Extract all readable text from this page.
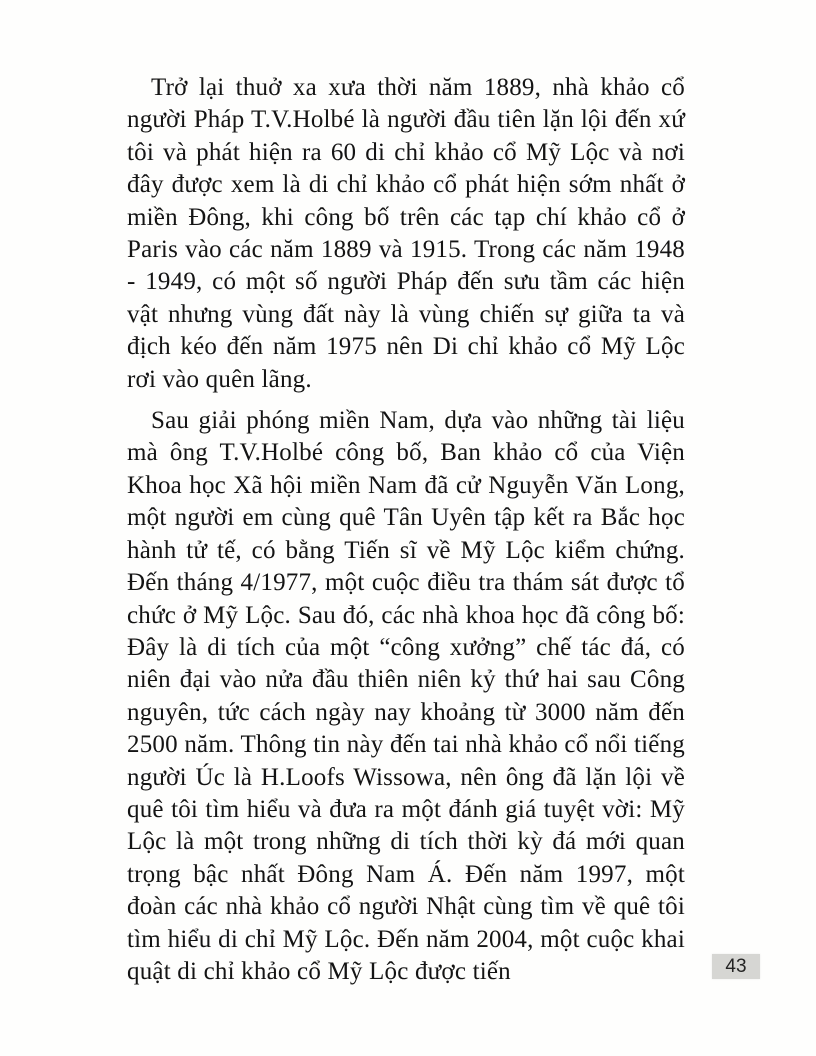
Trở lại thuở xa xưa thời năm 1889, nhà khảo cổ người Pháp T.V.Holbé là người đầu tiên lặn lội đến xứ tôi và phát hiện ra 60 di chỉ khảo cổ Mỹ Lộc và nơi đây được xem là di chỉ khảo cổ phát hiện sớm nhất ở miền Đông, khi công bố trên các tạp chí khảo cổ ở Paris vào các năm 1889 và 1915. Trong các năm 1948 - 1949, có một số người Pháp đến sưu tầm các hiện vật nhưng vùng đất này là vùng chiến sự giữa ta và địch kéo đến năm 1975 nên Di chỉ khảo cổ Mỹ Lộc rơi vào quên lãng.

Sau giải phóng miền Nam, dựa vào những tài liệu mà ông T.V.Holbé công bố, Ban khảo cổ của Viện Khoa học Xã hội miền Nam đã cử Nguyễn Văn Long, một người em cùng quê Tân Uyên tập kết ra Bắc học hành tử tế, có bằng Tiến sĩ về Mỹ Lộc kiểm chứng. Đến tháng 4/1977, một cuộc điều tra thám sát được tổ chức ở Mỹ Lộc. Sau đó, các nhà khoa học đã công bố: Đây là di tích của một “công xưởng” chế tác đá, có niên đại vào nửa đầu thiên niên kỷ thứ hai sau Công nguyên, tức cách ngày nay khoảng từ 3000 năm đến 2500 năm. Thông tin này đến tai nhà khảo cổ nổi tiếng người Úc là H.Loofs Wissowa, nên ông đã lặn lội về quê tôi tìm hiểu và đưa ra một đánh giá tuyệt vời: Mỹ Lộc là một trong những di tích thời kỳ đá mới quan trọng bậc nhất Đông Nam Á. Đến năm 1997, một đoàn các nhà khảo cổ người Nhật cùng tìm về quê tôi tìm hiểu di chỉ Mỹ Lộc. Đến năm 2004, một cuộc khai quật di chỉ khảo cổ Mỹ Lộc được tiến	43
